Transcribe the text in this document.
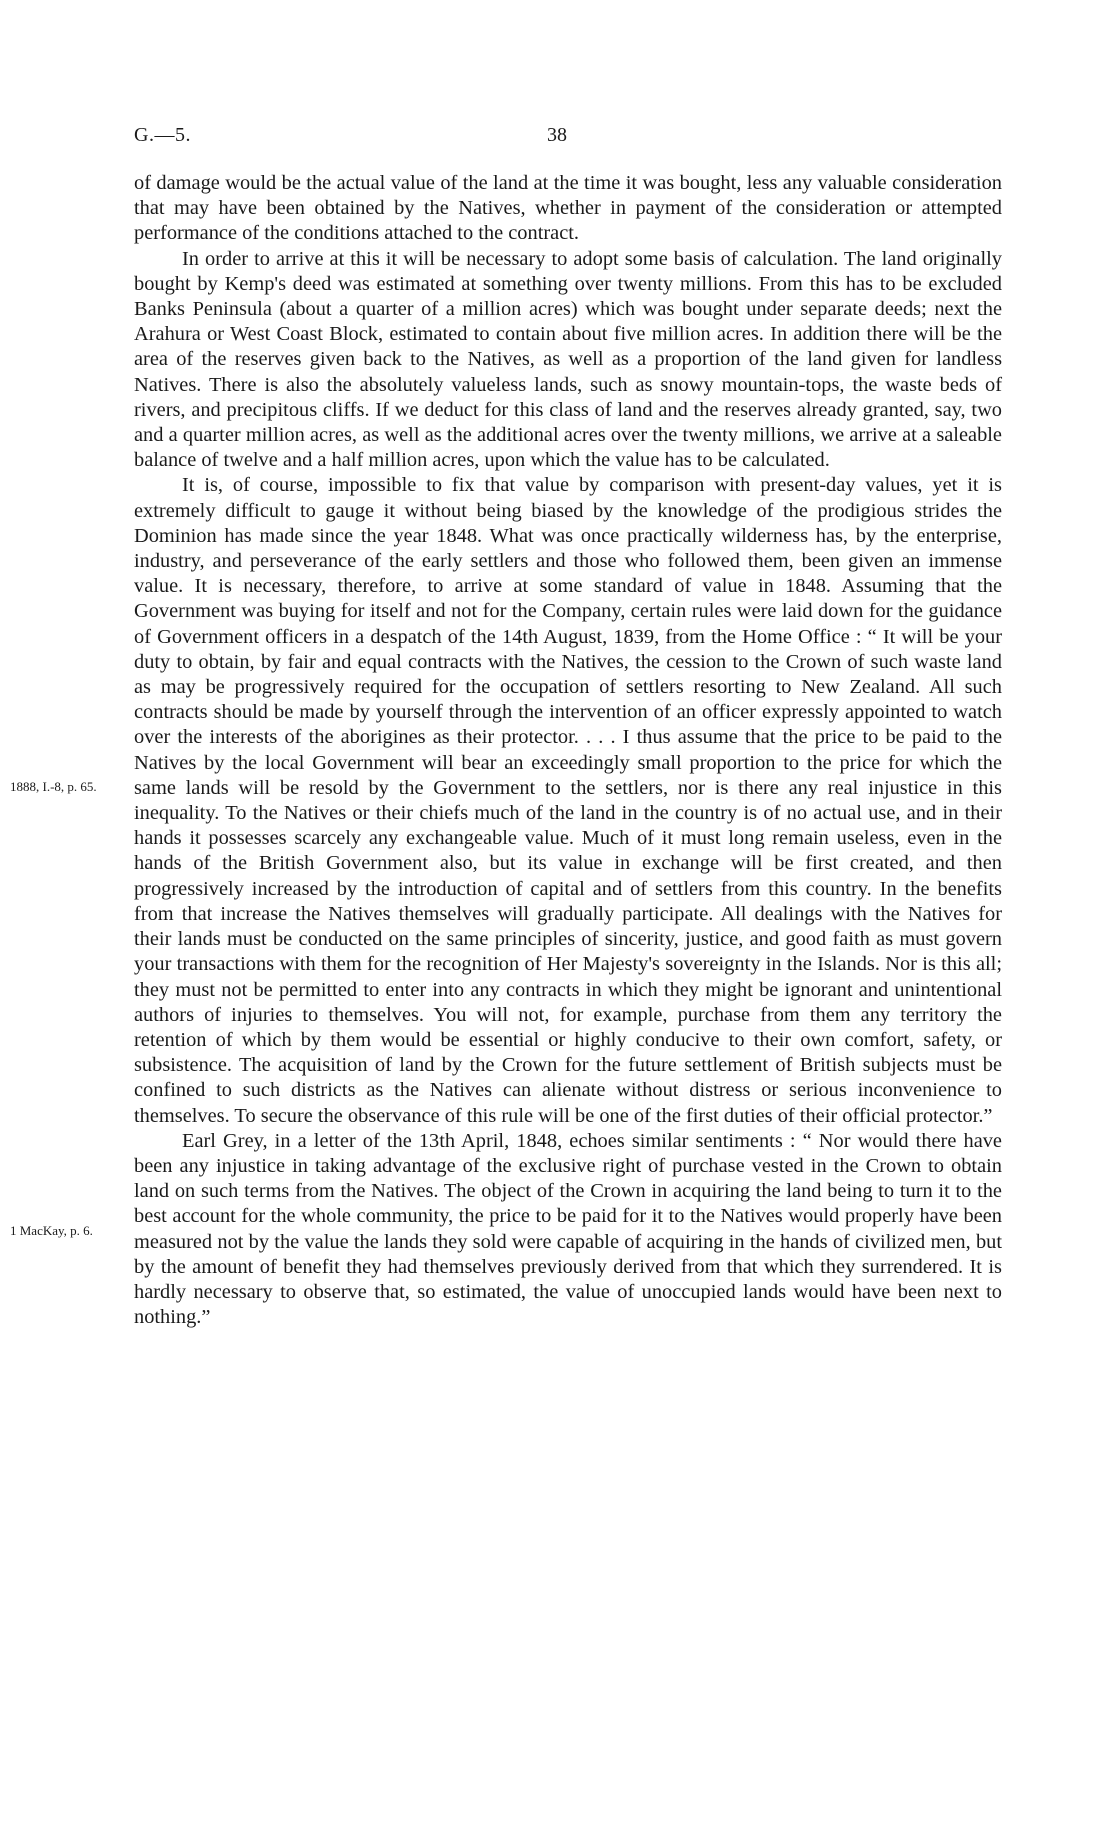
G.—5.	38
1888, I.-8, p. 65.
1 MacKay, p. 6.

of damage would be the actual value of the land at the time it was bought, less any valuable consideration that may have been obtained by the Natives, whether in payment of the consideration or attempted performance of the conditions attached to the contract.

In order to arrive at this it will be necessary to adopt some basis of calculation. The land originally bought by Kemp's deed was estimated at something over twenty millions. From this has to be excluded Banks Peninsula (about a quarter of a million acres) which was bought under separate deeds; next the Arahura or West Coast Block, estimated to contain about five million acres. In addition there will be the area of the reserves given back to the Natives, as well as a proportion of the land given for landless Natives. There is also the absolutely valueless lands, such as snowy mountain-tops, the waste beds of rivers, and precipitous cliffs. If we deduct for this class of land and the reserves already granted, say, two and a quarter million acres, as well as the additional acres over the twenty millions, we arrive at a saleable balance of twelve and a half million acres, upon which the value has to be calculated.

It is, of course, impossible to fix that value by comparison with present-day values, yet it is extremely difficult to gauge it without being biased by the knowledge of the prodigious strides the Dominion has made since the year 1848. What was once practically wilderness has, by the enterprise, industry, and perseverance of the early settlers and those who followed them, been given an immense value. It is necessary, therefore, to arrive at some standard of value in 1848. Assuming that the Government was buying for itself and not for the Company, certain rules were laid down for the guidance of Government officers in a despatch of the 14th August, 1839, from the Home Office : “ It will be your duty to obtain, by fair and equal contracts with the Natives, the cession to the Crown of such waste land as may be progressively required for the occupation of settlers resorting to New Zealand. All such contracts should be made by yourself through the intervention of an officer expressly appointed to watch over the interests of the aborigines as their protector. . . . I thus assume that the price to be paid to the Natives by the local Government will bear an exceedingly small proportion to the price for which the same lands will be resold by the Government to the settlers, nor is there any real injustice in this inequality. To the Natives or their chiefs much of the land in the country is of no actual use, and in their hands it possesses scarcely any exchangeable value. Much of it must long remain useless, even in the hands of the British Government also, but its value in exchange will be first created, and then progressively increased by the introduction of capital and of settlers from this country. In the benefits from that increase the Natives themselves will gradually participate. All dealings with the Natives for their lands must be conducted on the same principles of sincerity, justice, and good faith as must govern your transactions with them for the recognition of Her Majesty's sovereignty in the Islands. Nor is this all; they must not be permitted to enter into any contracts in which they might be ignorant and unintentional authors of injuries to themselves. You will not, for example, purchase from them any territory the retention of which by them would be essential or highly conducive to their own comfort, safety, or subsistence. The acquisition of land by the Crown for the future settlement of British subjects must be confined to such districts as the Natives can alienate without distress or serious inconvenience to themselves. To secure the observance of this rule will be one of the first duties of their official protector.”

Earl Grey, in a letter of the 13th April, 1848, echoes similar sentiments : “ Nor would there have been any injustice in taking advantage of the exclusive right of purchase vested in the Crown to obtain land on such terms from the Natives. The object of the Crown in acquiring the land being to turn it to the best account for the whole community, the price to be paid for it to the Natives would properly have been measured not by the value the lands they sold were capable of acquiring in the hands of civilized men, but by the amount of benefit they had themselves previously derived from that which they surrendered. It is hardly necessary to observe that, so estimated, the value of unoccupied lands would have been next to nothing.”
